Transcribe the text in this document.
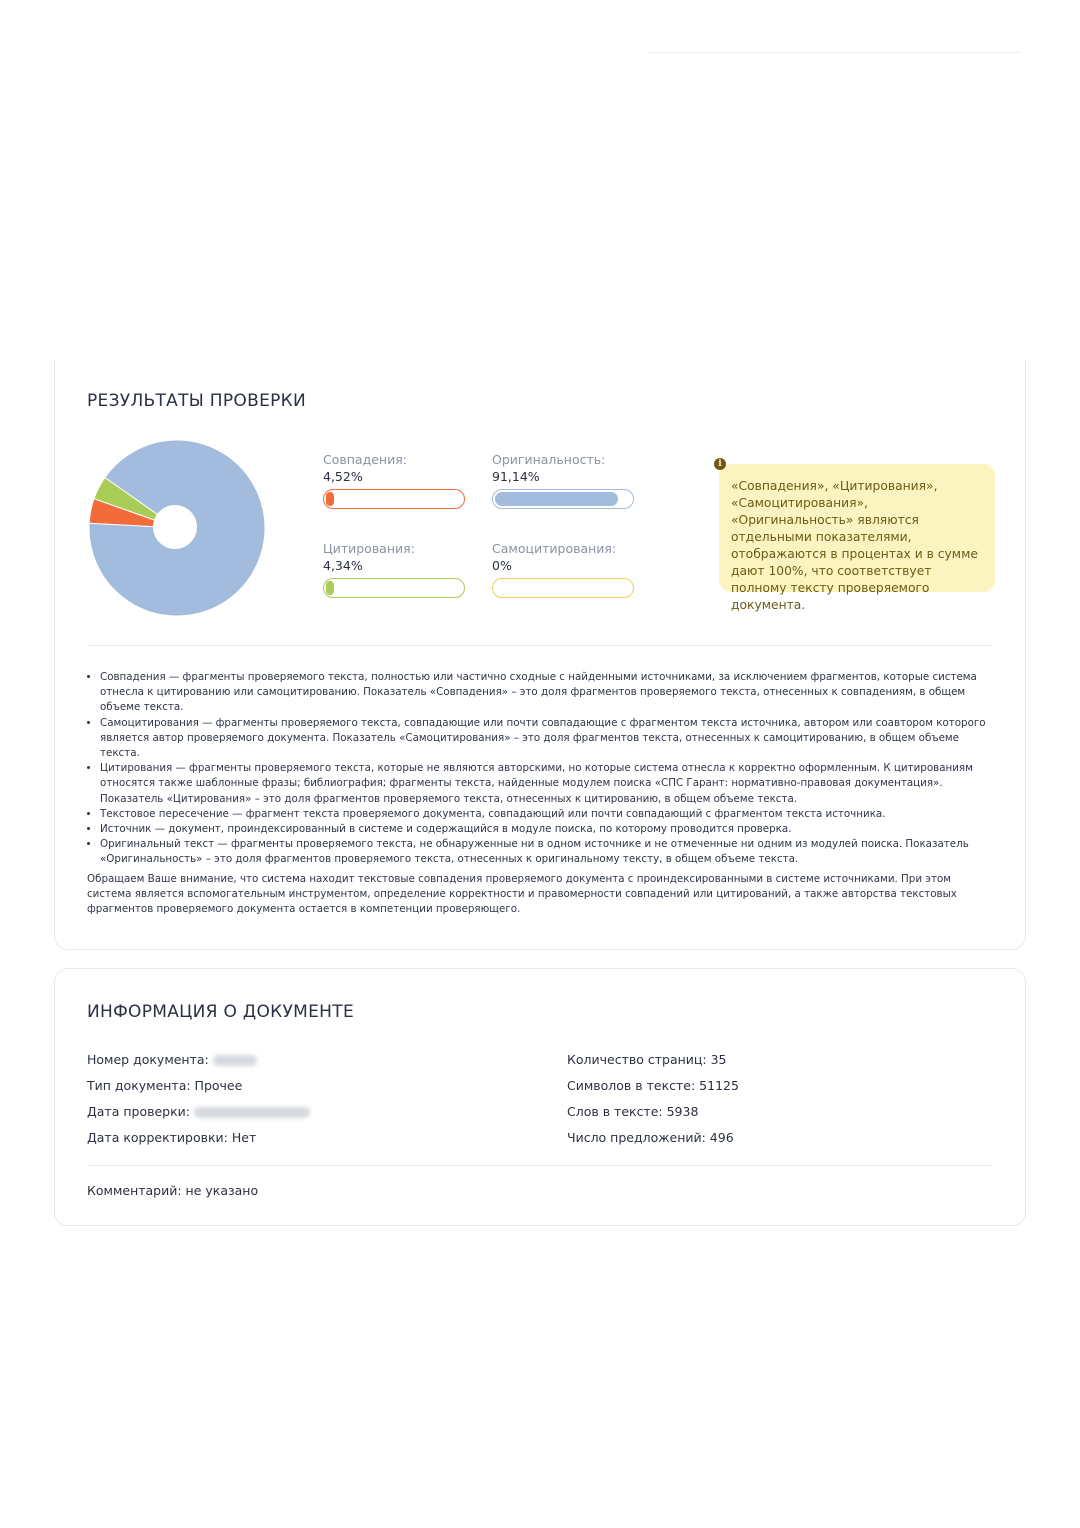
РЕЗУЛЬТАТЫ ПРОВЕРКИ
Совпадения:
4,52%
Оригинальность:
91,14%
Цитирования:
4,34%
Самоцитирования:
0%
i
«Совпадения», «Цитирования», «Самоцитирования», «Оригинальность» являются отдельными показателями, отображаются в процентах и в сумме дают 100%, что соответствует полному тексту проверяемого документа.
• Совпадения — фрагменты проверяемого текста, полностью или частично сходные с найденными источниками, за исключением фрагментов, которые система отнесла к цитированию или самоцитированию. Показатель «Совпадения» – это доля фрагментов проверяемого текста, отнесенных к совпадениям, в общем объеме текста.
• Самоцитирования — фрагменты проверяемого текста, совпадающие или почти совпадающие с фрагментом текста источника, автором или соавтором которого является автор проверяемого документа. Показатель «Самоцитирования» – это доля фрагментов текста, отнесенных к самоцитированию, в общем объеме текста.
• Цитирования — фрагменты проверяемого текста, которые не являются авторскими, но которые система отнесла к корректно оформленным. К цитированиям относятся также шаблонные фразы; библиография; фрагменты текста, найденные модулем поиска «СПС Гарант: нормативно-правовая документация». Показатель «Цитирования» – это доля фрагментов проверяемого текста, отнесенных к цитированию, в общем объеме текста.
• Текстовое пересечение — фрагмент текста проверяемого документа, совпадающий или почти совпадающий с фрагментом текста источника.
• Источник — документ, проиндексированный в системе и содержащийся в модуле поиска, по которому проводится проверка.
• Оригинальный текст — фрагменты проверяемого текста, не обнаруженные ни в одном источнике и не отмеченные ни одним из модулей поиска. Показатель «Оригинальность» – это доля фрагментов проверяемого текста, отнесенных к оригинальному тексту, в общем объеме текста.

Обращаем Ваше внимание, что система находит текстовые совпадения проверяемого документа с проиндексированными в системе источниками. При этом система является вспомогательным инструментом, определение корректности и правомерности совпадений или цитирований, а также авторства текстовых фрагментов проверяемого документа остается в компетенции проверяющего.

ИНФОРМАЦИЯ О ДОКУМЕНТЕ
Номер документа:
Тип документа: Прочее
Дата проверки:
Дата корректировки: Нет
Количество страниц: 35
Символов в тексте: 51125
Слов в тексте: 5938
Число предложений: 496
Комментарий: не указано
